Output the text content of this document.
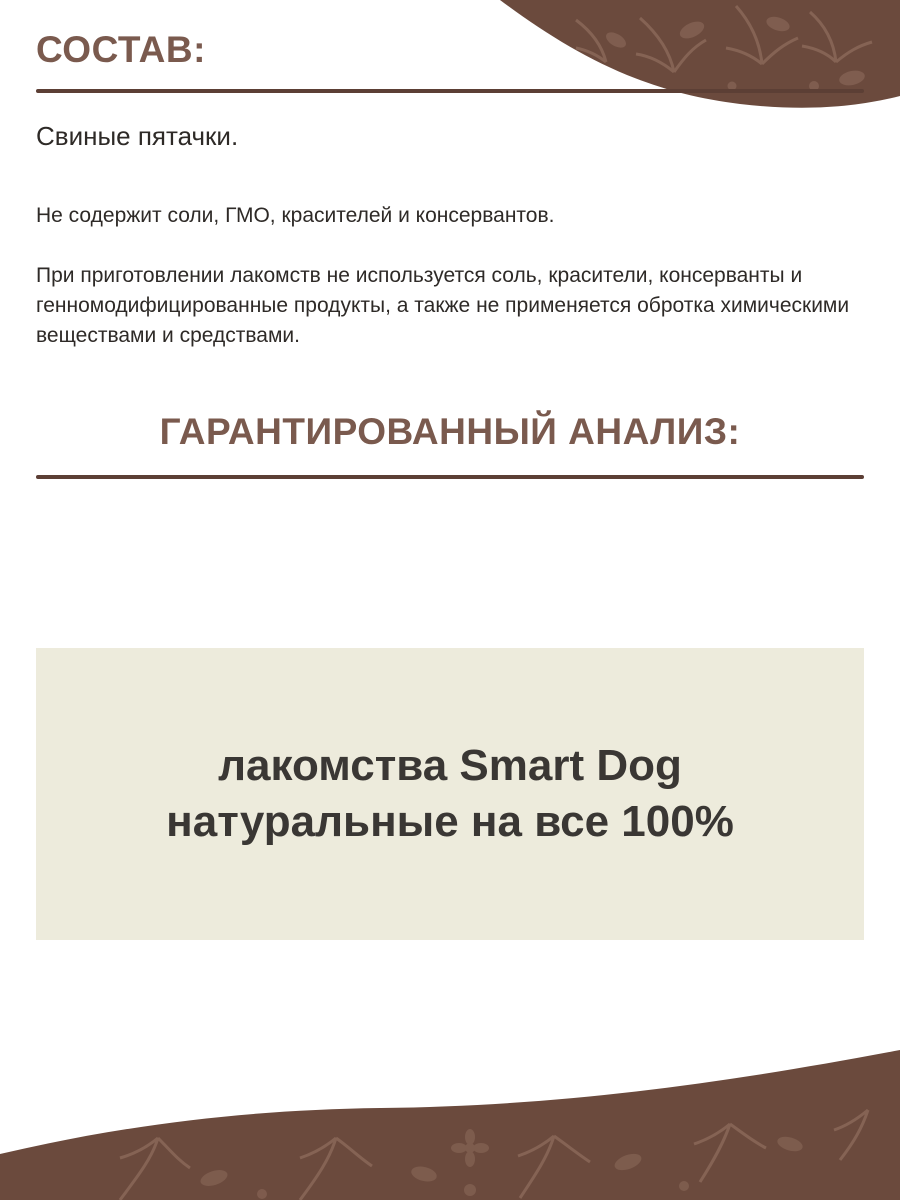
СОСТАВ:

Свиные пятачки.

Не содержит соли, ГМО, красителей и консервантов.

При приготовлении лакомств не используется соль, красители, консерванты и генномодифицированные продукты, а также не применяется обротка химическими веществами и средствами.

ГАРАНТИРОВАННЫЙ АНАЛИЗ:
лакомства Smart Dog
натуральные на все 100%
